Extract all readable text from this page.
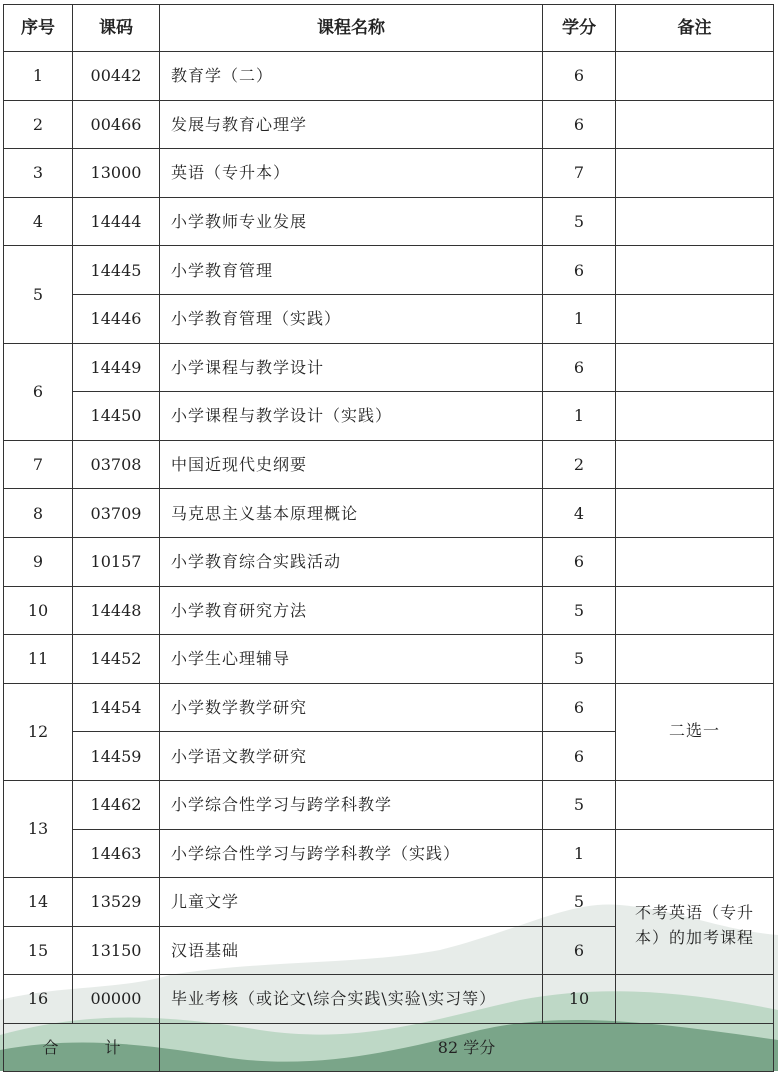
序号	课码	课程名称	学分	备注
1	00442	教育学（二）	6	
2	00466	发展与教育心理学	6	
3	13000	英语（专升本）	7	
4	14444	小学教师专业发展	5	
5	14445	小学教育管理	6	
	14446	小学教育管理（实践）	1	
6	14449	小学课程与教学设计	6	
	14450	小学课程与教学设计（实践）	1	
7	03708	中国近现代史纲要	2	
8	03709	马克思主义基本原理概论	4	
9	10157	小学教育综合实践活动	6	
10	14448	小学教育研究方法	5	
11	14452	小学生心理辅导	5	
12	14454	小学数学教学研究	6	二选一
	14459	小学语文教学研究	6	
13	14462	小学综合性学习与跨学科教学	5	
	14463	小学综合性学习与跨学科教学（实践）	1	
14	13529	儿童文学	5	不考英语（专升
本）的加考课程
15	13150	汉语基础	6	
16	00000	毕业考核（或论文\综合实践\实验\实习等）	10	
合 计		82 学分		
